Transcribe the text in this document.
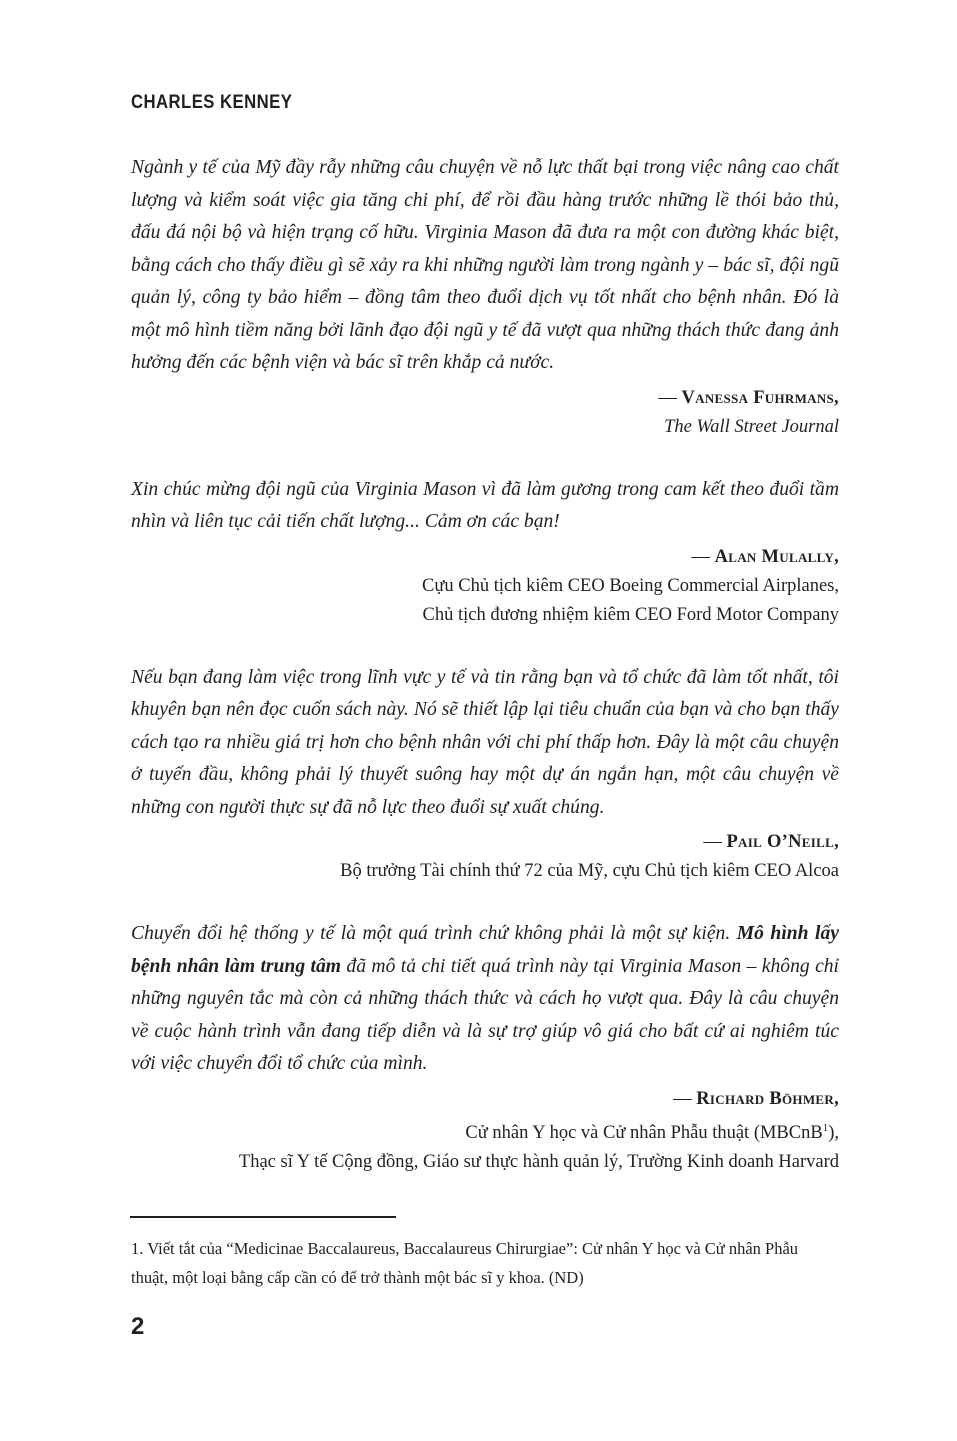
CHARLES KENNEY

Ngành y tế của Mỹ đầy rẫy những câu chuyện về nỗ lực thất bại trong việc nâng cao chất lượng và kiểm soát việc gia tăng chi phí, để rồi đầu hàng trước những lề thói bảo thủ, đấu đá nội bộ và hiện trạng cố hữu. Virginia Mason đã đưa ra một con đường khác biệt, bằng cách cho thấy điều gì sẽ xảy ra khi những người làm trong ngành y – bác sĩ, đội ngũ quản lý, công ty bảo hiểm – đồng tâm theo đuổi dịch vụ tốt nhất cho bệnh nhân. Đó là một mô hình tiềm năng bởi lãnh đạo đội ngũ y tế đã vượt qua những thách thức đang ảnh hưởng đến các bệnh viện và bác sĩ trên khắp cả nước.

— Vanessa Fuhrmans,
The Wall Street Journal

Xin chúc mừng đội ngũ của Virginia Mason vì đã làm gương trong cam kết theo đuổi tầm nhìn và liên tục cải tiến chất lượng... Cảm ơn các bạn!

— Alan Mulally,
Cựu Chủ tịch kiêm CEO Boeing Commercial Airplanes,
Chủ tịch đương nhiệm kiêm CEO Ford Motor Company

Nếu bạn đang làm việc trong lĩnh vực y tế và tin rằng bạn và tổ chức đã làm tốt nhất, tôi khuyên bạn nên đọc cuốn sách này. Nó sẽ thiết lập lại tiêu chuẩn của bạn và cho bạn thấy cách tạo ra nhiều giá trị hơn cho bệnh nhân với chi phí thấp hơn. Đây là một câu chuyện ở tuyến đầu, không phải lý thuyết suông hay một dự án ngắn hạn, một câu chuyện về những con người thực sự đã nỗ lực theo đuổi sự xuất chúng.

— Pail O’Neill,
Bộ trưởng Tài chính thứ 72 của Mỹ, cựu Chủ tịch kiêm CEO Alcoa

Chuyển đổi hệ thống y tế là một quá trình chứ không phải là một sự kiện. Mô hình lấy bệnh nhân làm trung tâm đã mô tả chi tiết quá trình này tại Virginia Mason – không chỉ những nguyên tắc mà còn cả những thách thức và cách họ vượt qua. Đây là câu chuyện về cuộc hành trình vẫn đang tiếp diễn và là sự trợ giúp vô giá cho bất cứ ai nghiêm túc với việc chuyển đổi tổ chức của mình.

— Richard Böhmer,
Cử nhân Y học và Cử nhân Phẫu thuật (MBCnB$^1$),
Thạc sĩ Y tế Cộng đồng, Giáo sư thực hành quản lý, Trường Kinh doanh Harvard
1. Viết tắt của “Medicinae Baccalaureus, Baccalaureus Chirurgiae”: Cử nhân Y học và Cử nhân Phẫu thuật, một loại bằng cấp cần có để trở thành một bác sĩ y khoa. (ND)
2
